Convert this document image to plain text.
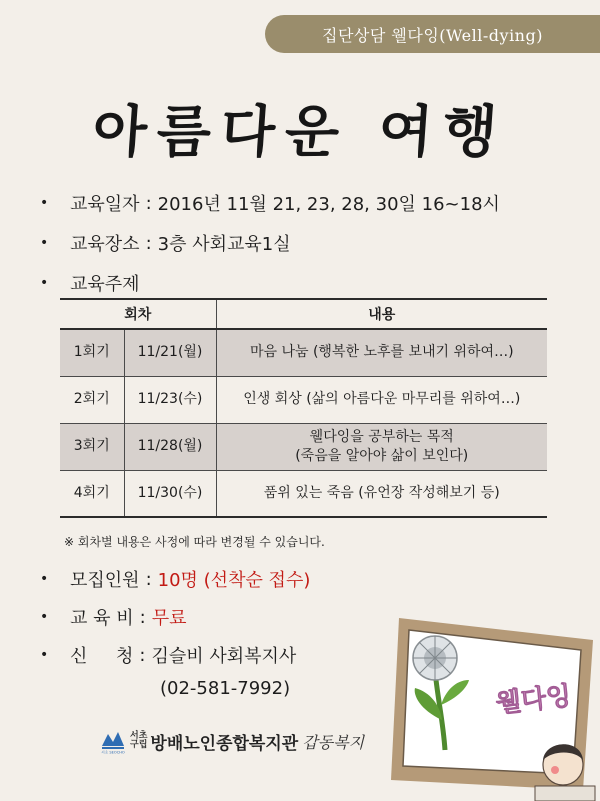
집단상담 웰다잉(Well-dying)
아름다운 여행
•	교육일자 : 2016년 11월 21, 23, 28, 30일 16~18시
•	교육장소 : 3층 사회교육1실
•	교육주제
회차		내용
1회기	11/21(월)	마음 나눔 (행복한 노후를 보내기 위하여…)
2회기	11/23(수)	인생 회상 (삶의 아름다운 마무리를 위하여…)
3회기	11/28(월)	웰다잉을 공부하는 목적
(죽음을 알아야 삶이 보인다)
4회기	11/30(수)	품위 있는 죽음 (유언장 작성해보기 등)
※ 회차별 내용은 사정에 따라 변경될 수 있습니다.
•	모집인원 : 10명 (선착순 접수)
•	교 육 비 : 무료
•	신     청 : 김슬비 사회복지사
(02-581-7992)
서초 SEOCHO
서초
구립 방배노인종합복지관 갑동복지
웰다잉
